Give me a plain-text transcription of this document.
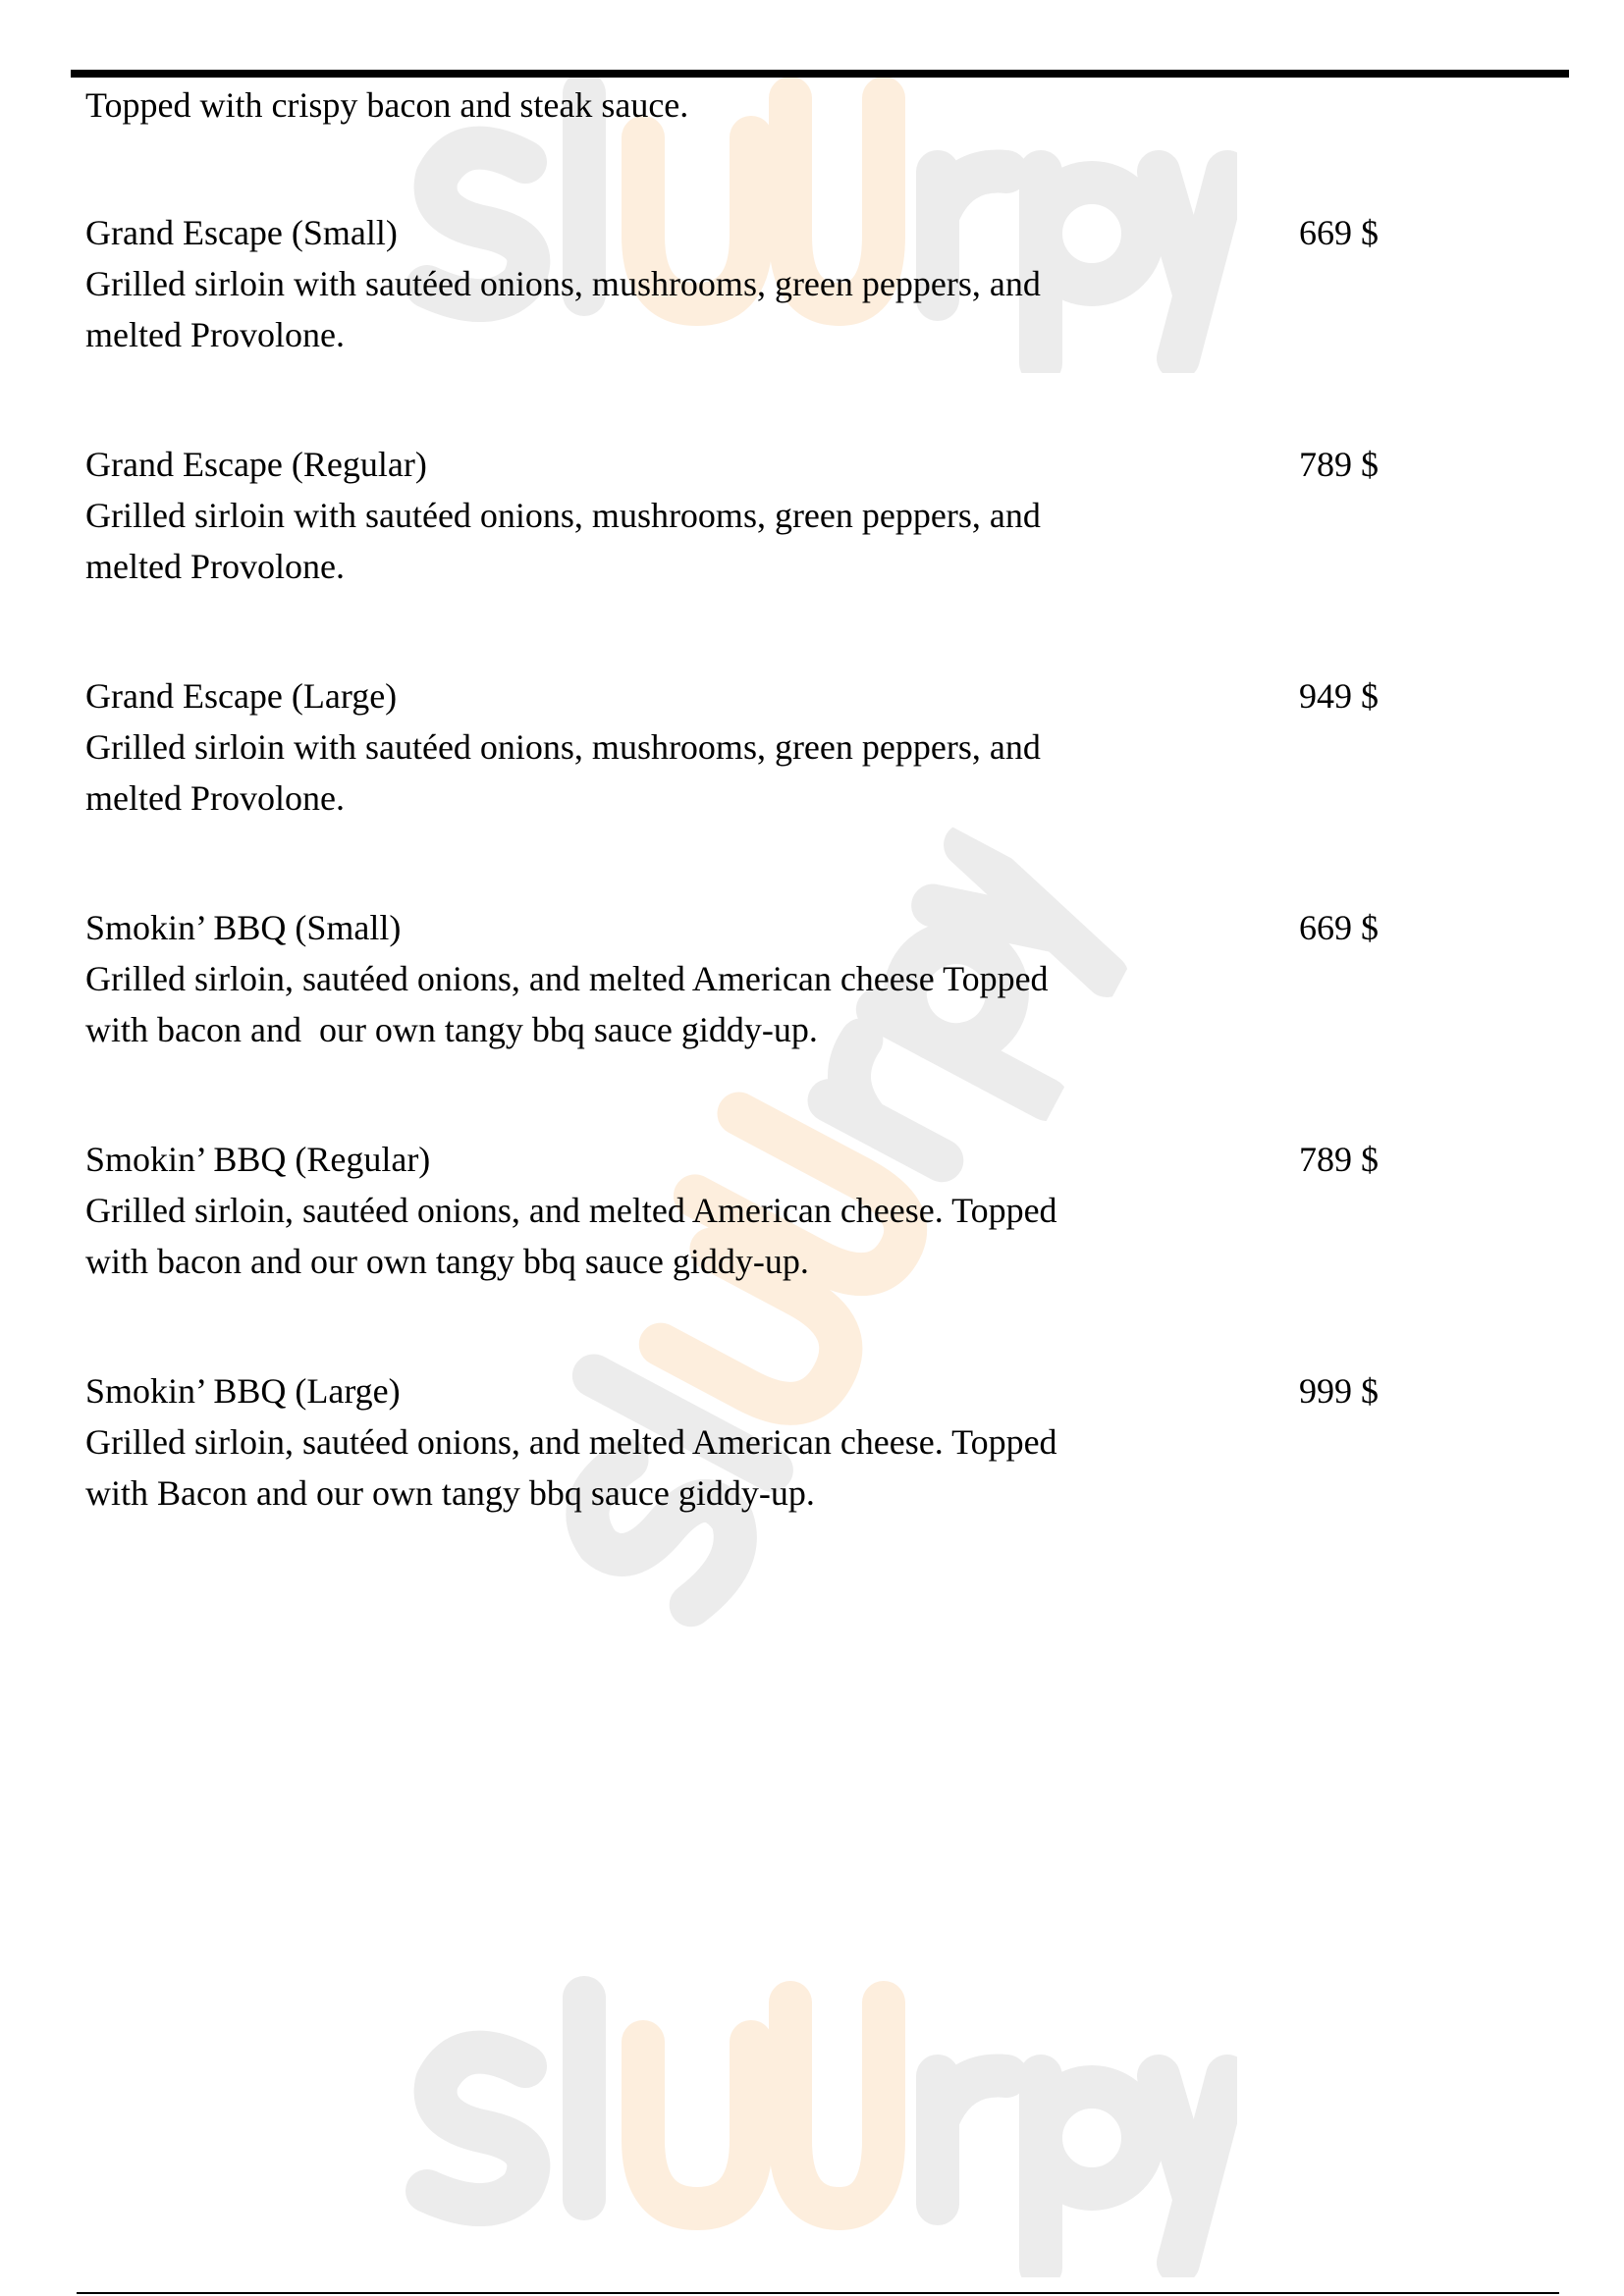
Topped with crispy bacon and steak sauce.
Grand Escape (Small)	669 $
Grilled sirloin with sautéed onions, mushrooms, green peppers, and
melted Provolone.
Grand Escape (Regular)	789 $
Grilled sirloin with sautéed onions, mushrooms, green peppers, and
melted Provolone.
Grand Escape (Large)	949 $
Grilled sirloin with sautéed onions, mushrooms, green peppers, and
melted Provolone.
Smokin’ BBQ (Small)	669 $
Grilled sirloin, sautéed onions, and melted American cheese Topped
with bacon and  our own tangy bbq sauce giddy-up.
Smokin’ BBQ (Regular)	789 $
Grilled sirloin, sautéed onions, and melted American cheese. Topped
with bacon and our own tangy bbq sauce giddy-up.
Smokin’ BBQ (Large)	999 $
Grilled sirloin, sautéed onions, and melted American cheese. Topped
with Bacon and our own tangy bbq sauce giddy-up.
